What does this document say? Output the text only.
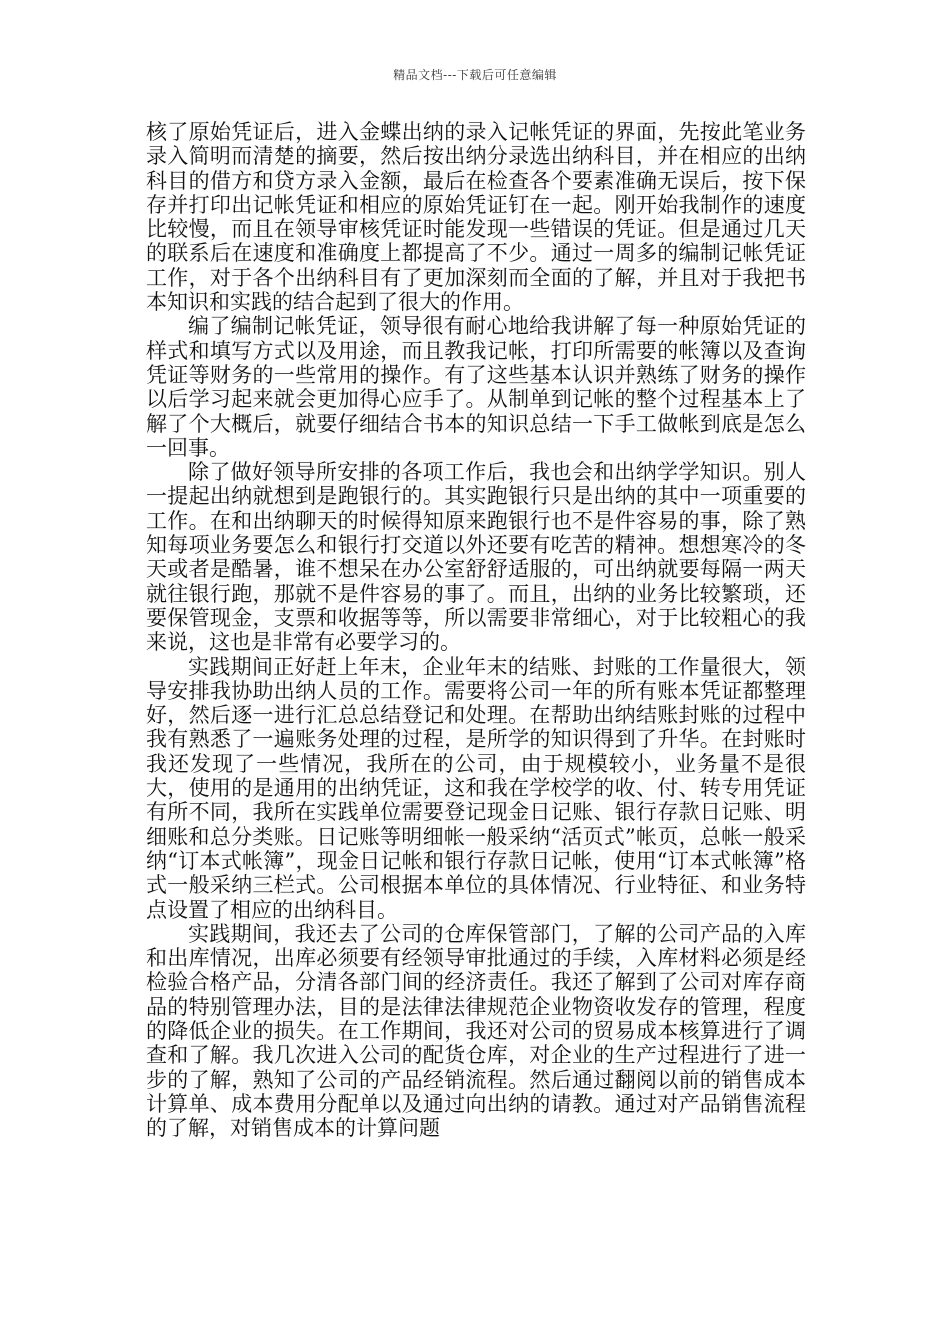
精品文档---下载后可任意编辑

核了原始凭证后，进入金蝶出纳的录入记帐凭证的界面，先按此笔业务录入简明而清楚的摘要，然后按出纳分录选出纳科目，并在相应的出纳科目的借方和贷方录入金额，最后在检查各个要素准确无误后，按下保存并打印出记帐凭证和相应的原始凭证钉在一起。刚开始我制作的速度比较慢，而且在领导审核凭证时能发现一些错误的凭证。但是通过几天的联系后在速度和准确度上都提高了不少。通过一周多的编制记帐凭证工作，对于各个出纳科目有了更加深刻而全面的了解，并且对于我把书本知识和实践的结合起到了很大的作用。

编了编制记帐凭证，领导很有耐心地给我讲解了每一种原始凭证的样式和填写方式以及用途，而且教我记帐，打印所需要的帐簿以及查询凭证等财务的一些常用的操作。有了这些基本认识并熟练了财务的操作以后学习起来就会更加得心应手了。从制单到记帐的整个过程基本上了解了个大概后，就要仔细结合书本的知识总结一下手工做帐到底是怎么一回事。

除了做好领导所安排的各项工作后，我也会和出纳学学知识。别人一提起出纳就想到是跑银行的。其实跑银行只是出纳的其中一项重要的工作。在和出纳聊天的时候得知原来跑银行也不是件容易的事，除了熟知每项业务要怎么和银行打交道以外还要有吃苦的精神。想想寒冷的冬天或者是酷暑，谁不想呆在办公室舒舒适服的，可出纳就要每隔一两天就往银行跑，那就不是件容易的事了。而且，出纳的业务比较繁琐，还要保管现金，支票和收据等等，所以需要非常细心，对于比较粗心的我来说，这也是非常有必要学习的。

实践期间正好赶上年末，企业年末的结账、封账的工作量很大，领导安排我协助出纳人员的工作。需要将公司一年的所有账本凭证都整理好，然后逐一进行汇总总结登记和处理。在帮助出纳结账封账的过程中我有熟悉了一遍账务处理的过程，是所学的知识得到了升华。在封账时我还发现了一些情况，我所在的公司，由于规模较小，业务量不是很大，使用的是通用的出纳凭证，这和我在学校学的收、付、转专用凭证有所不同，我所在实践单位需要登记现金日记账、银行存款日记账、明细账和总分类账。日记账等明细帐一般采纳“活页式”帐页，总帐一般采纳“订本式帐簿”，现金日记帐和银行存款日记帐，使用“订本式帐簿”格式一般采纳三栏式。公司根据本单位的具体情况、行业特征、和业务特点设置了相应的出纳科目。

实践期间，我还去了公司的仓库保管部门，了解的公司产品的入库和出库情况，出库必须要有经领导审批通过的手续，入库材料必须是经检验合格产品，分清各部门间的经济责任。我还了解到了公司对库存商品的特别管理办法，目的是法律法律规范企业物资收发存的管理，程度的降低企业的损失。在工作期间，我还对公司的贸易成本核算进行了调查和了解。我几次进入公司的配货仓库，对企业的生产过程进行了进一步的了解，熟知了公司的产品经销流程。然后通过翻阅以前的销售成本计算单、成本费用分配单以及通过向出纳的请教。通过对产品销售流程的了解，对销售成本的计算问题
